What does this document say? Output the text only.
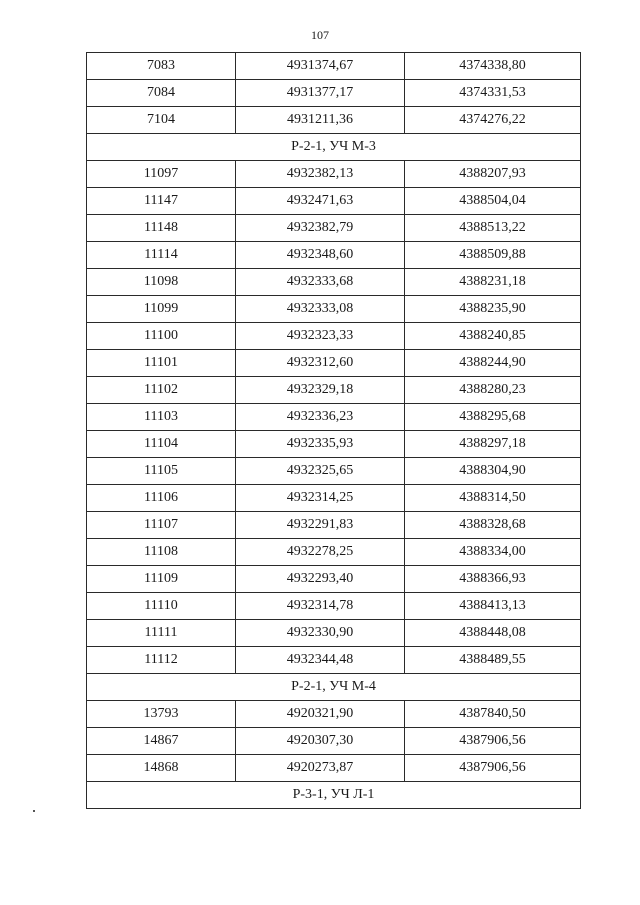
107
7083	4931374,67	4374338,80
7084	4931377,17	4374331,53
7104	4931211,36	4374276,22
Р-2-1, УЧ М-3		
11097	4932382,13	4388207,93
11147	4932471,63	4388504,04
11148	4932382,79	4388513,22
11114	4932348,60	4388509,88
11098	4932333,68	4388231,18
11099	4932333,08	4388235,90
11100	4932323,33	4388240,85
11101	4932312,60	4388244,90
11102	4932329,18	4388280,23
11103	4932336,23	4388295,68
11104	4932335,93	4388297,18
11105	4932325,65	4388304,90
11106	4932314,25	4388314,50
11107	4932291,83	4388328,68
11108	4932278,25	4388334,00
11109	4932293,40	4388366,93
11110	4932314,78	4388413,13
11111	4932330,90	4388448,08
11112	4932344,48	4388489,55
Р-2-1, УЧ М-4		
13793	4920321,90	4387840,50
14867	4920307,30	4387906,56
14868	4920273,87	4387906,56
Р-3-1, УЧ Л-1		
